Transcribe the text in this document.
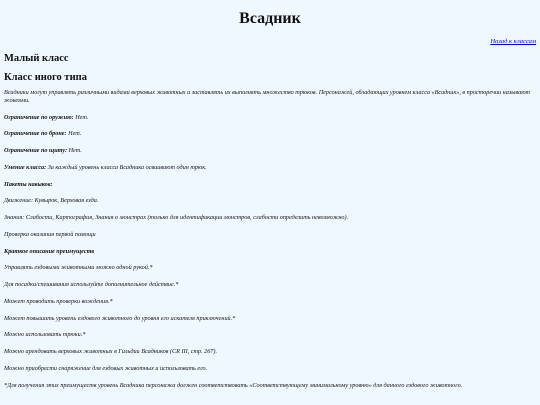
Всадник
Назад к классам
Малый класс
Класс иного типа

Всадники могут управлять различными видами верховых животных и заставлять их выполнять множество трюков. Персонажей, обладающих уровнем класса «Всадник», в просторечии называют жокеями.

Ограничение по оружию: Нет.

Ограничение по броне: Нет.

Ограничение по щиту: Нет.

Умение класса: За каждый уровень класса Всадника осваивают один трюк.

Пакеты навыков:

Движение: Кувырок, Верховая езда.

Знания: Слабости, Картография, Знания о монстрах (только для идентификации монстров, слабости определить невозможно).

Проверка оказания первой помощи

Краткое описание преимуществ

Управлять ездовыми животными можно одной рукой.*

Для посадки/спешивания используйте дополнительное действие.*

Может проводить проверки вождения.*

Может повышать уровень ездового животного до уровня его искателя приключений.*

Можно использовать трюки.*

Можно арендовать верховых животных в Гильдии Всадников (CR III, стр. 267).

Можно приобрести снаряжение для ездовых животных и использовать его.

*Для получения этих преимуществ уровень Всадника персонажа должен соответствовать «Соответствующему минимальному уровню» для данного ездового животного.
